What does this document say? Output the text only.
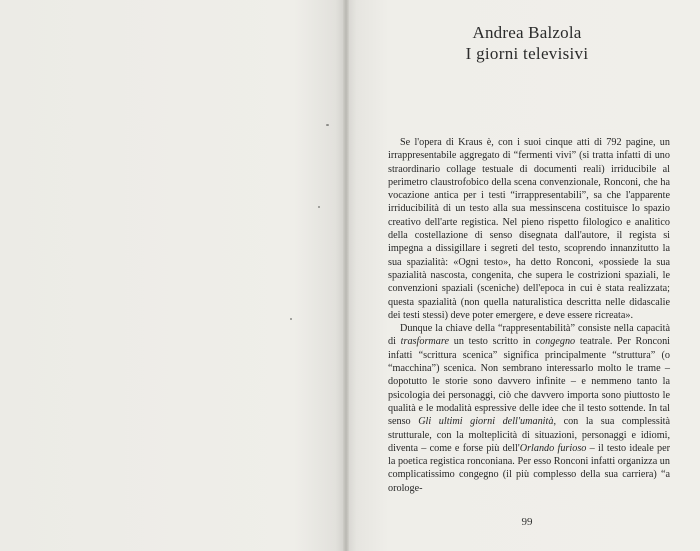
Andrea Balzola
I giorni televisivi

Se l'opera di Kraus è, con i suoi cinque atti di 792 pagine, un irrappresentabile aggregato di “fermenti vivi” (si tratta infatti di uno straordinario collage testuale di documenti reali) irriducibile al perimetro claustrofobico della scena convenzionale, Ronconi, che ha vocazione antica per i testi “irrappresentabili”, sa che l'apparente irriducibilità di un testo alla sua messinscena costituisce lo spazio creativo dell'arte registica. Nel pieno rispetto filologico e analitico della costellazione di senso disegnata dall'autore, il regista si impegna a dissigillare i segreti del testo, scoprendo innanzitutto la sua spazialità: «Ogni testo», ha detto Ronconi, «possiede la sua spazialità nascosta, congenita, che supera le costrizioni spaziali, le convenzioni spaziali (sceniche) dell'epoca in cui è stata realizzata; questa spazialità (non quella naturalistica descritta nelle didascalie dei testi stessi) deve poter emergere, e deve essere ricreata».

Dunque la chiave della “rappresentabilità” consiste nella capacità di trasformare un testo scritto in congegno teatrale. Per Ronconi infatti “scrittura scenica” significa principalmente “struttura” (o “macchina”) scenica. Non sembrano interessarlo molto le trame – dopotutto le storie sono davvero infinite – e nemmeno tanto la psicologia dei personaggi, ciò che davvero importa sono piuttosto le qualità e le modalità espressive delle idee che il testo sottende. In tal senso Gli ultimi giorni dell'umanità, con la sua complessità strutturale, con la molteplicità di situazioni, personaggi e idiomi, diventa – come e forse più dell'Orlando furioso – il testo ideale per la poetica registica ronconiana. Per esso Ronconi infatti organizza un complicatissimo congegno (il più complesso della sua carriera) “a orologe-

99
